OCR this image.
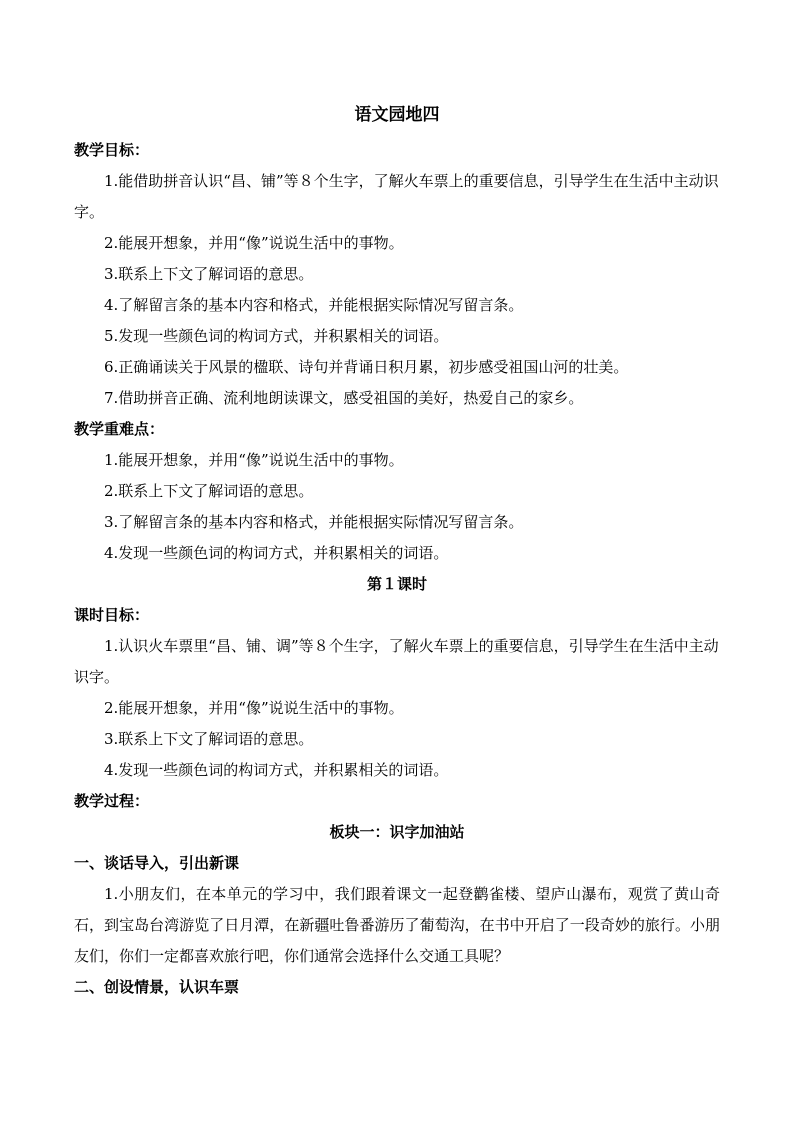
语文园地四
教学目标：

1.能借助拼音认识“昌、铺”等８个生字，了解火车票上的重要信息，引导学生在生活中主动识字。

2.能展开想象，并用“像”说说生活中的事物。

3.联系上下文了解词语的意思。

4.了解留言条的基本内容和格式，并能根据实际情况写留言条。

5.发现一些颜色词的构词方式，并积累相关的词语。

6.正确诵读关于风景的楹联、诗句并背诵日积月累，初步感受祖国山河的壮美。

7.借助拼音正确、流利地朗读课文，感受祖国的美好，热爱自己的家乡。

教学重难点：

1.能展开想象，并用“像”说说生活中的事物。

2.联系上下文了解词语的意思。

3.了解留言条的基本内容和格式，并能根据实际情况写留言条。

4.发现一些颜色词的构词方式，并积累相关的词语。

第１课时
课时目标：

1.认识火车票里“昌、铺、调”等８个生字，了解火车票上的重要信息，引导学生在生活中主动识字。

2.能展开想象，并用“像”说说生活中的事物。

3.联系上下文了解词语的意思。

4.发现一些颜色词的构词方式，并积累相关的词语。

教学过程：
板块一：识字加油站
一、谈话导入，引出新课

1.小朋友们，在本单元的学习中，我们跟着课文一起登鹳雀楼、望庐山瀑布，观赏了黄山奇石，到宝岛台湾游览了日月潭，在新疆吐鲁番游历了葡萄沟，在书中开启了一段奇妙的旅行。小朋友们，你们一定都喜欢旅行吧，你们通常会选择什么交通工具呢？

二、创设情景，认识车票
